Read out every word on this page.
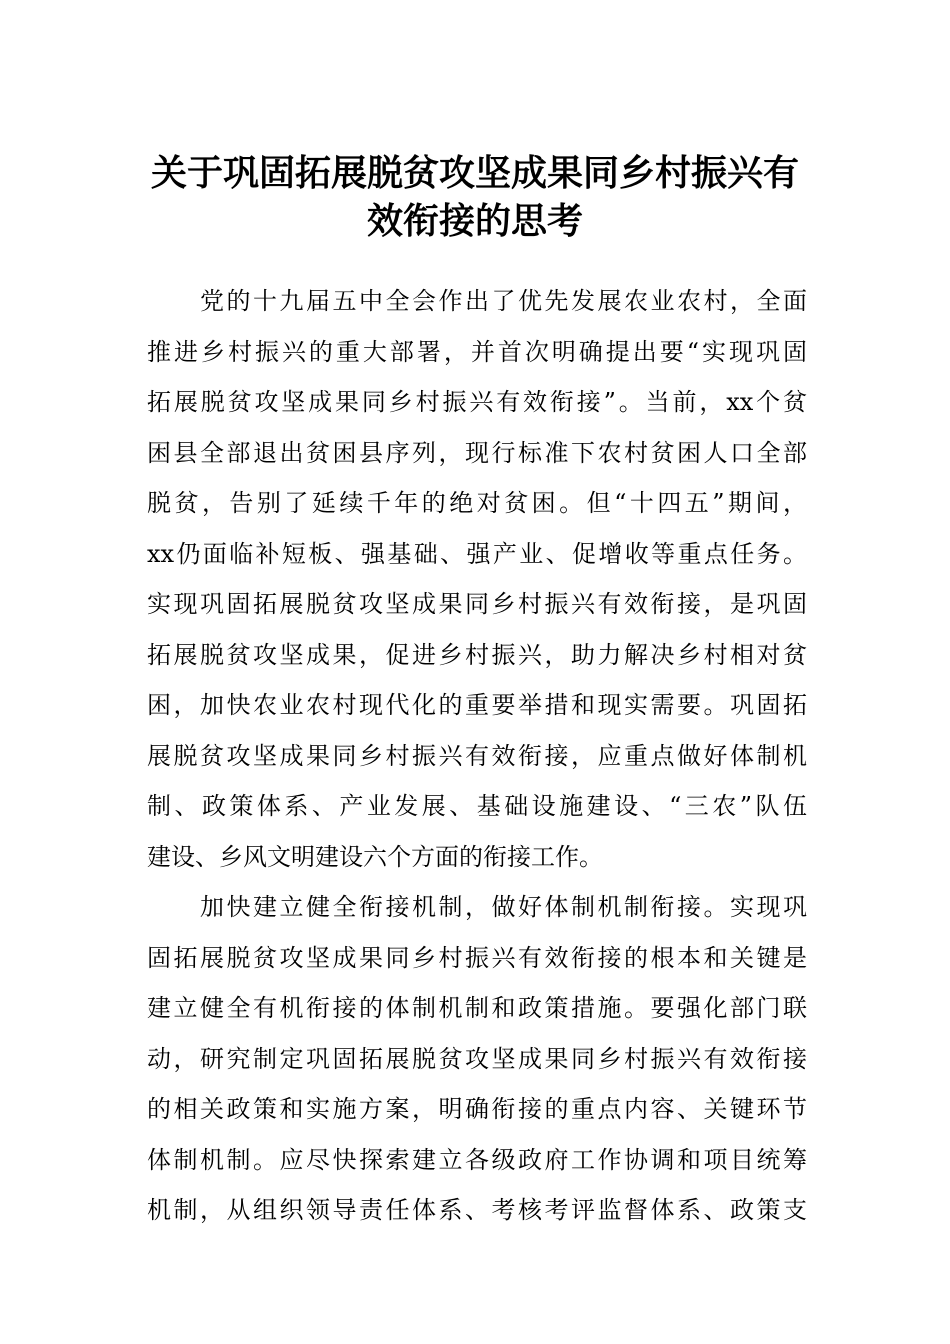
关于巩固拓展脱贫攻坚成果同乡村振兴有
效衔接的思考
　　党的十九届五中全会作出了优先发展农业农村，全面
推进乡村振兴的重大部署，并首次明确提出要“实现巩固
拓展脱贫攻坚成果同乡村振兴有效衔接”。当前，xx个贫
困县全部退出贫困县序列，现行标准下农村贫困人口全部
脱贫，告别了延续千年的绝对贫困。但“十四五”期间，
xx仍面临补短板、强基础、强产业、促增收等重点任务。
实现巩固拓展脱贫攻坚成果同乡村振兴有效衔接，是巩固
拓展脱贫攻坚成果，促进乡村振兴，助力解决乡村相对贫
困，加快农业农村现代化的重要举措和现实需要。巩固拓
展脱贫攻坚成果同乡村振兴有效衔接，应重点做好体制机
制、政策体系、产业发展、基础设施建设、“三农”队伍
建设、乡风文明建设六个方面的衔接工作。
　　加快建立健全衔接机制，做好体制机制衔接。实现巩
固拓展脱贫攻坚成果同乡村振兴有效衔接的根本和关键是
建立健全有机衔接的体制机制和政策措施。要强化部门联
动，研究制定巩固拓展脱贫攻坚成果同乡村振兴有效衔接
的相关政策和实施方案，明确衔接的重点内容、关键环节
体制机制。应尽快探索建立各级政府工作协调和项目统筹
机制，从组织领导责任体系、考核考评监督体系、政策支
